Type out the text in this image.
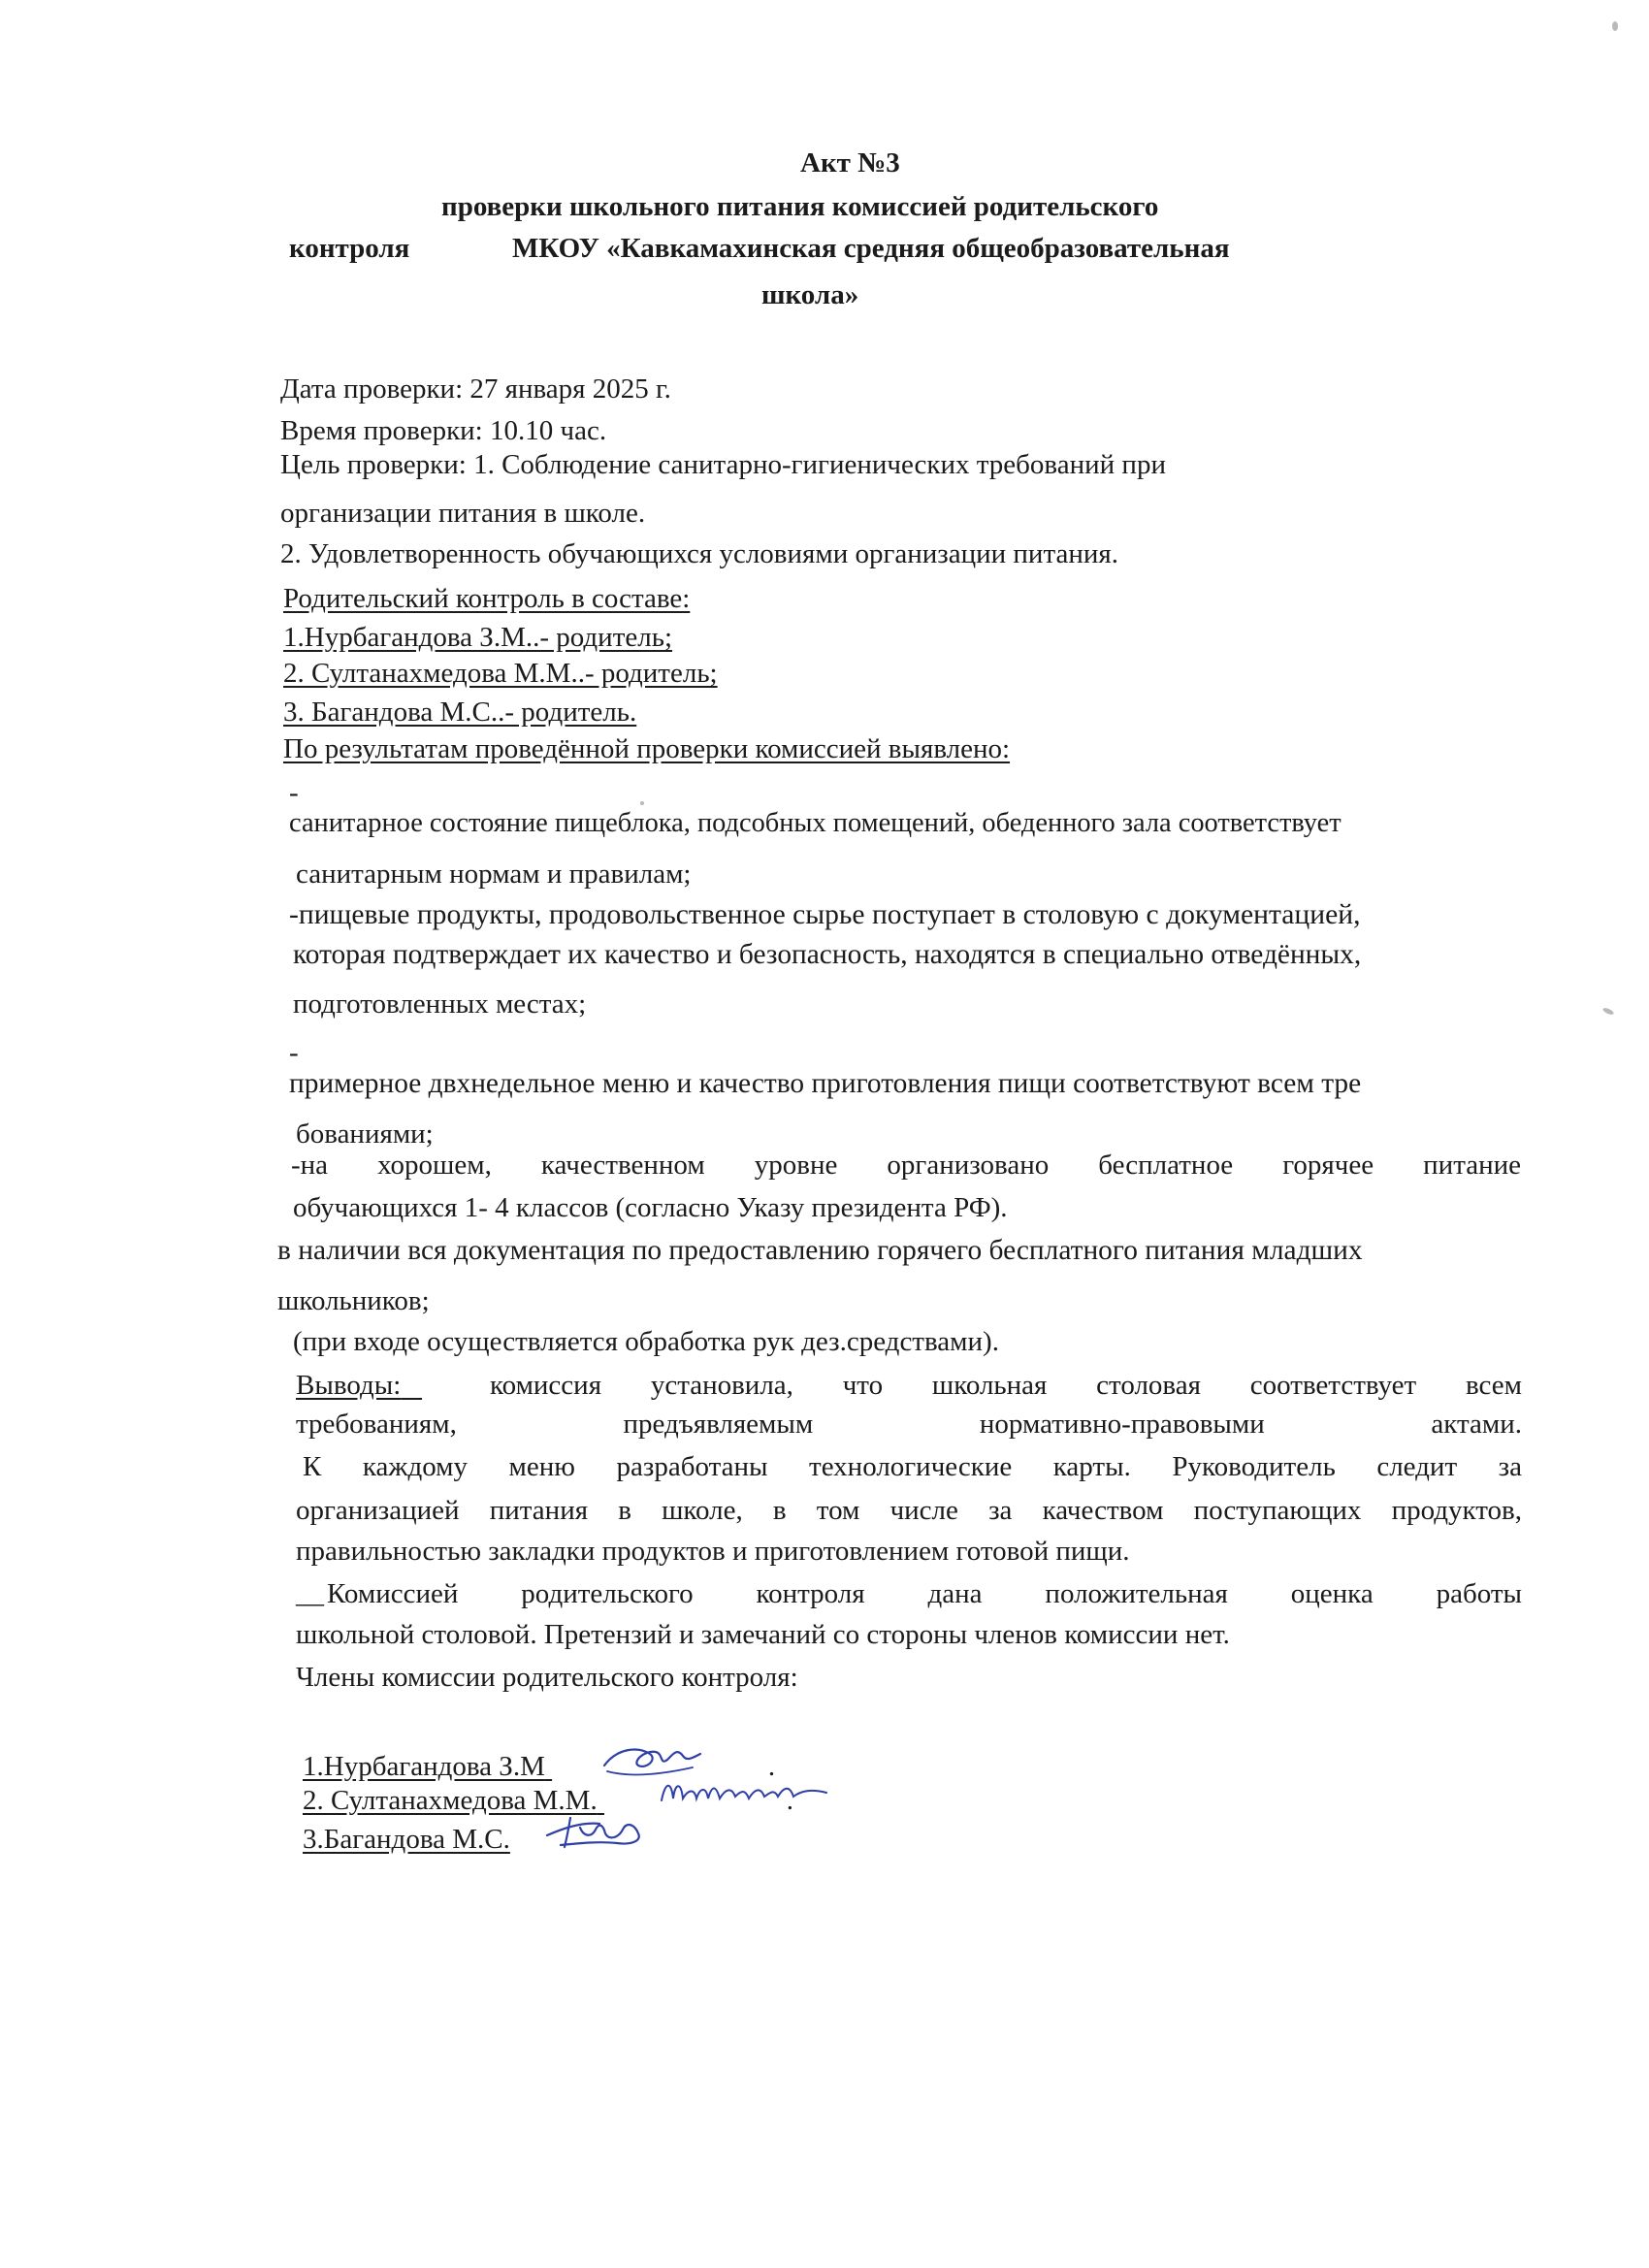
Акт №3
проверки школьного питания комиссией родительского
контроля	МКОУ «Кавкамахинская средняя общеобразовательная
школа»
Дата проверки: 27 января 2025 г.
Время проверки: 10.10 час.
Цель проверки: 1. Соблюдение санитарно-гигиенических требований при
организации питания в школе.
2. Удовлетворенность обучающихся условиями организации питания.
Родительский контроль в составе:
1.Нурбагандова З.М..- родитель;
2. Султанахмедова М.М..- родитель;
3. Багандова М.С..- родитель.
По результатам проведённой проверки комиссией выявлено:
-
санитарное состояние пищеблока, подсобных помещений, обеденного зала соответствует
санитарным нормам и правилам;
-пищевые продукты, продовольственное сырье поступает в столовую с документацией,
которая подтверждает их качество и безопасность, находятся в специально отведённых,
подготовленных местах;
-
примерное двхнедельное меню и качество приготовления пищи соответствуют всем тре
бованиями;
-на хорошем, качественном уровне организовано бесплатное горячее питание
обучающихся 1- 4 классов (согласно Указу президента РФ).
в наличии вся документация по предоставлению горячего бесплатного питания младших
школьников;
(при входе осуществляется обработка рук дез.средствами).
Выводы:	комиссия установила, что школьная столовая соответствует всем
требованиям, предъявляемым нормативно-правовыми актами.
К каждому меню разработаны технологические карты. Руководитель следит за
организацией питания в школе, в том числе за качеством поступающих продуктов,
правильностью закладки продуктов и приготовлением готовой пищи.
__ Комиссией родительского контроля дана положительная оценка работы
школьной столовой. Претензий и замечаний со стороны членов комиссии нет.
Члены комиссии родительского контроля:
1.Нурбагандова З.М	.
2. Султанахмедова М.М.	.
3.Багандова М.С.
